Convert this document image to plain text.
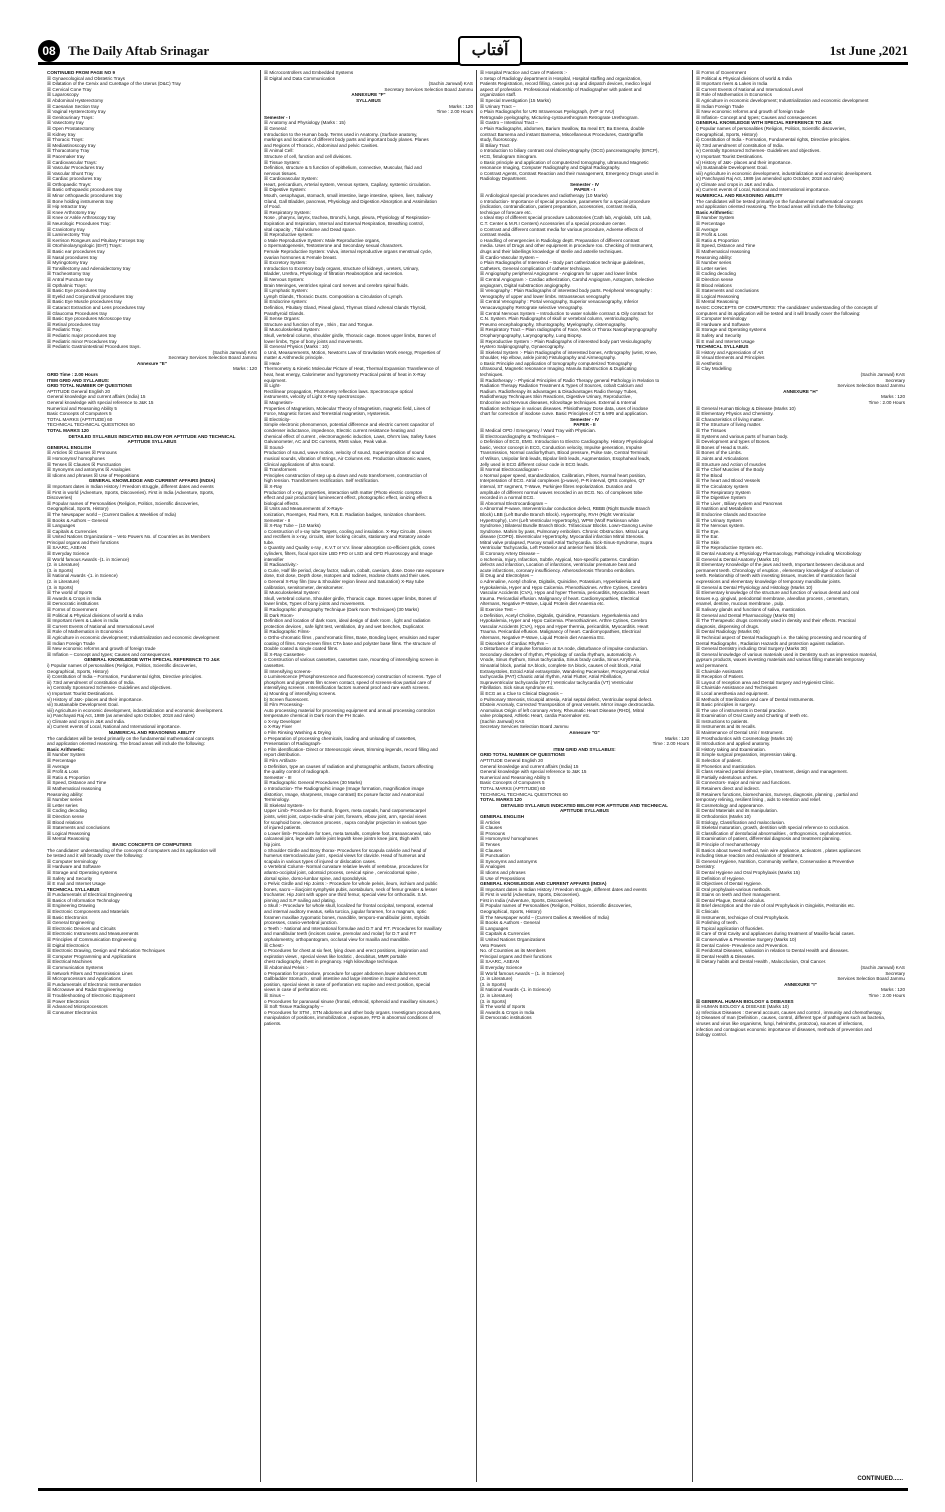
08 The Daily Aftab Srinagar	آفتاب	1st June ,2021
CONTINUED FROM PAGE NO 9
☒ Gynaecological and Obstetric Trays
☒ Dilatation of the Cervix and Curettage of the Uterus (D&C) Tray
☒ Cervical Cone Tray
☒ Laparoscopy
☒ Abdominal Hysterectomy
☒ Caesarian Section tray
☒ Vaginal Hysterectomy tray
☒ Genitourinary Trays:
☒ Vasectomy tray
☒ Open Prostatectomy
☒ Kidney tray
☒ Thoracic Trays:
☒ Mediastinoscopy tray
☒ Thoracotomy Tray
☒ Pacemaker tray
☒ Cardiovascular Trays:
☒ Vascular Procedures tray
☒ Vascular Shunt Tray
☒ Cardiac procedures tray
☒ Orthopaedic Trays:
☒ Basic orthopaedic procedures tray
☒ Minor orthopaedic procedures tray
☒ Bone holding instruments tray
☒ Hip retractor tray
☒ Knee Arthrotomy tray
☒ Knee or Ankle Arthroscopy tray
☒ Neurologic Procedures Tray:
☒ Craniotomy tray
☒ Laminectomy Tray
☒ Kerrison Rongeurs and Pituitary Forceps tray
☒ Otorhinolaryngologic (EHT) Trays:
☒ Basic ear procedures tray
☒ Nasal procedures tray
☒ Myringotomy tray
☒ Tonsillectomy and Adenoidectomy tray
☒ Tracheostomy tray
☒ Antral Puncture tray
☒ Opthalmic Trays:
☒ Basic Eye procedures tray
☒ Eyelid and Conjunctival procedures tray
☒ Basic Eye Muscle procedures tray
☒ Cataract Extraction and Lens procedures tray
☒ Glaucoma Procedures tray
☒ Basic Eye procedures Microscope tray
☒ Retinal procedures tray
☒ Pediatric Tray:
☒ Pediatric major procedures tray
☒ Pediatric minor Procedures tray
☒ Pediatric Gastrointestinal Procedures trays.
(Sachin Jamwal) KAS
Secretary Services Selection Board Jammu
Annexure "E"
Marks : 120
GRID Time : 2.00 Hours
ITEM GRID AND SYLLABUS:
GRID TOTAL NUMBER OF QUESTIONS
APTITUDE General English 20
General knowledge and current affairs (India) 15
General knowledge with special reference to J&K 15
Numerical and Reasoning Ability 5
Basic Concepts of Computers 5
TOTAL MARKS (APTITUDE) 60
TECHNICAL TECHNICAL QUESTIONS 60
TOTAL MARKS 120
DETAILED SYLLABUS INDICATED BELOW FOR APTITUDE AND TECHNICAL
APTITUDE SYLLABUS
GENERAL ENGLISH
☒ Articles ☒ Clauses ☒ Pronouns
☒ Homonyms/ homophones
☒ Tenses ☒ Clauses ☒ Punctuation
☒ Synonyms and antonyms ☒ Analogies
☒ Idioms and phrases ☒ Use of Prepositions
GENERAL KNOWLEDGE AND CURRENT AFFAIRS (INDIA)
☒ Important dates in Indian History / Freedom struggle, different dates and events
☒ First in world (Adventure, Sports, Discoveries). First in India (Adventure, Sports,
Discoveries)
☒ Popular names of Personalities (Religion, Politics, Scientific discoveries,
Geographical, Sports, History)
☒ The Newspaper world – (Current Dailies & Weeklies of India)
☒ Books & Authors – General
☒ Languages
☒ Capitals & Currencies
☒ United Nations Organizations – Veto Powers No. of Countries as its Members
Principal organs and their functions
☒ SAARC, ASEAN
☒ Everyday Science
☒ World famous Awards -(1. in Science)
(2. in Literature)
(3. in Sports)
☒ National Awards -(1. in Science)
(2. in Literature)
(3. in Sports)
☒ The world of Sports
☒ Awards & Crops in India
☒ Democratic institutions
☒ Forms of Government
☒ Political & Physical divisions of world & India
☒ Important rivers & Lakes in India
☒ Current Events of National and International Level
☒ Role of Mathematics in Economics
☒ Agriculture in economic development; Industrialization and economic development
☒ Indian Foreign Trade
☒ New economic reforms and growth of foreign trade
☒ Inflation – Concept and types; Causes and consequences
GENERAL KNOWLEDGE WITH SPECIAL REFERENCE TO J&K
i) Popular names of personalities (Religion, Politics, Scientific discoveries,
Geographical, Sports, History)
ii) Constitution of India – Formation, Fundamental rights, Directive principles.
iii) 73rd amendment of constitution of India.
iv) Centrally Sponsored Schemes- Guidelines and objectives.
v) Important Tourist Destinations.
vi) History of J&K- places and their importance.
vii) Sustainable Development Goal.
viii) Agriculture in economic development, industrialization and economic development.
ix) Panchayati Raj Act, 1989 (as amended upto October, 2018 and rules)
x) Climate and crops in J&K and India.
xi) Current events of Local, National and International importance.
NUMERICAL AND REASONING ABILITY
The candidates will be tested primarily on the fundamental mathematical concepts
and application oriented reasoning. The broad areas will include the following:
Basic Arithmetic:
☒ Number System
☒ Percentage
☒ Average
☒ Profit & Loss
☒ Ratio & Proportion
☒ Speed, Distance and Time
☒ Mathematical reasoning
Reasoning ability:
☒ Number series
☒ Letter series
☒ Coding decoding
☒ Direction sense
☒ Blood relations
☒ Statements and conclusions
☒ Logical Reasoning
☒ Mental Reasoning
BASIC CONCEPTS OF COMPUTERS
The candidates' understanding of the concepts of computers and its application will
be tested and it will broadly cover the following:
☒ Computer terminology
☒ Hardware and Software
☒ Storage and Operating systems
☒ Safety and Security
☒ E mail and Internet Usage
TECHNICAL SYLLABUS
☒ Fundamentals of Electrical Engineering
☒ Basics of Information Technology
☒ Engineering Drawing
☒ Electronic Components and Materials
☒ Basic Electronics
☒ General Engineering
☒ Electronic Devices and Circuits
☒ Electronic Instruments and Measurements
☒ Principles of Communication Engineering
☒ Digital Electronics
☒ Electronic Drawing, Design and Fabrication Techniques
☒ Computer Programming and Applications
☒ Electrical Machines
☒ Communication Systems
☒ Network Filters and Transmission Lines
☒ Microprocessors and Applications
☒ Fundamentals of Electronic Instrumentation
☒ Microwave and Radar Engineering
☒ Troubleshooting of Electronic Equipment
☒ Power Electronics
☒ Advanced Microprocessors
☒ Consumer Electronics
☒ Microcontrollers and Embedded Systems
☒ Digital and Data Communication
(Sachin Jamwal) KAS
Secretary Services Selection Board Jammu
ANNEXURE "F"
SYLLABUS
Marks : 120
Time : 2.00 Hours
Semester - I
☒ Anatomy and Physiology (Marks : 15)
☒ General:
Introduction to the Human body. Terms used in Anatomy. (Surface anatomy,
markings and locations of different body parts and important body planes. Planes
and Regions of Thoracic, Abdominal and pelvic Cavities.
☒ Animal Cell:
Structure of cell, function and cell divisions.
☒ Tissue System:
Definition, structure & 5 function of epithelium, connective, Muscular, fluid and
nervous tissues.
☒ Cardiovascular System:
Heart, pericardium, Arterial system, Venous system, Capilary, systemic circulation.
☒ Digestive System:
Mouth, oesophagus, stomach, small intestine, large intestine, spleen, liver, Salivary
Gland, Gall Bladder, pancreas, Physiology and Digestion Absorption and Assimilation
of Food.
☒ Respiratory System:
Nose , pharynx, larynx, trachea, Bronchi, lungs, pleura, Physiology of Respiration-
Expiration and Inspiration, Internal and External Respiration, Breathing control,
vital capacity , Tidal volume and Dead space.
☒ Reproductive system:
o Male Reproductive System: Male Reproductive organs,
o Spermatogenesis, Testosterone and Secondary sexual characters.
Female Reproductive System: Vulva, internal reproductive organs menstrual cycle,
ovarian hormones & Female breast.
☒ Excretory System:
Introduction to Excretory body organs, structure of kidneys , ureters, Urinary,
Bladder, Urethra, Physiology of filtration Reabsorption and secretion.
☒ Nervous System:
Brain Meninges, ventricles spinal cord nerves and cerebro spinal fluids.
☒ Lymphatic System:
Lymph Glands, Thoracic Ducts. Composition & Circulation of Lymph.
☒ Endocrine system:
Definition, Pituitary Gland, Pineal gland, Thymus Gland Adrenal Glands Thyroid,
Parathyroid Glands.
☒ Sense Organs:
Structure and function of Eye , Skin , Ear and Tongue.
☒ Musculoskeletal System:
Skull, vertebral column, shoulder girdle, Thoracic cage. Bones upper limbs, Bones of
lower limbs, Type of bony joints and movements.
☒ General Physics (Marks : 10)
o Unit, Measurements, Motion, Newton's Law of Gravitation Work energy, Properties of
matter & Arithmedic principle.
☒ Heat-
Thermometry & Kinetic Molecular Picture of Heat, Thermal Expansion Transference of
heat, heat energy, Calorimeter and hygrometry Practical points of heat in X-Ray
equipment.
☒ Light-
Rectilinear propagation, Photometry reflection laws. Spectroscope optical
instruments, velocity of Light X-Ray spectroscope.
☒ Magnetism-
Properties of Magnetism, Molecular Theory of Magnetism, magnetic field, Lines of
Force, Magnetic forces and Terrestrial magnetism, Hysteresis.
☒ Electricity-
Simple electronic phenomenon, potential difference and electric current capacitor of
condenser inductance, impedence, Electric current resistance heating and
chemical effect of current , electromagnetic induction, Laws, Ohm's law, Safety fuses
Galvanometer, AC and DC currents, RMS value, Peak value.
☒ Sound-
Production of sound, wave motion, velocity of sound, Superimposition of sound
musical sounds, vibration of strings, Air Columns etc. Production ultrasonic waves,
Clinical applications of ultra sound.
☒ Transformers
Principles construction of step up & down and Auto transformers, construction of
high tension. Transformers rectification. Self rectification.
☒ X-Ray
Production of x-ray, properties, interaction with matter (Photo electric compton
effect and pair production) luminescent effect, photographic effect, ionizing effect &
biological effects.
☒ Units and Measurements of X-Rays-
Ionization, Roentgen, Rad Rem, R.B.E. Radiation badges, Ionization chambers.
Semester - II
☒ X-Ray Tube – (10 Marks)
o Construction of x-ray tube Targets, cooling and insulation. X-Ray Circuits , timers
and rectifiers in x-ray, circuits, inter locking circuits, stationary and Rotatory anode
tube.
o Quantity and Quality x-ray , K.V.T or V.V. linear absorption co-efficient grids, cones
cylinders, filters, focal spot size LBD FFD or LSD and OFD Fluoroscopy and Image
intensifier
☒ Radioactivity:-
o Curie, Half life period, decay factor, radium, cobalt, caesium, dose. Dose rate exposure
dose, Exit dose, Depth dose, Isotopes and Iodines, Isodose charts and their uses.
o General X-Ray film (tow & Shoulder region linear and Saturation) X-Ray tube
calibration, sensitometer, densitometer.
☒ Musculoskeletal System:
Skull, vertebral column, Shoulder girdle, Thoracic cage. Bones upper limbs, Bones of
lower limbs, Types of bony joints and movements.
☒ Radiographic photography Technique (Dark room Techniques) (30 Marks)
☒ Dark Room-
Definition and location of dark room, ideal design of dark room , light and radiation
protection devices , safe light test, ventilation, dry and wet benches, Duplicator.
☒ Radiographic Films-
o Ortho-chromatic films , panchromatic films, Base, Bonding layer, emulsion and super
coating of films. Non-screen films CTA base and polyster base films. The structure of
Double coated & single coated films.
☒ X-Ray Cassettes-
o Construction of various cassettes, cassettes care, mounting of intensifying screen in
cassettes.
☒ Intensifying screens-
o Luminescence (Phosphorescence and fluorescence) construction of screens. Type of
phosphors and pigments film screen contact, speed of screens-slow partial care of
intensifying screens . Intensification factors numeral proof and rare earth screens.
a) Mounting of intensifying screens.
b) Screen fluorescent.
☒ Film Processing-
Auto processing material for processing equipment and annual processing controlon
temperature chemical in Dark room the PH Scale.
o X-ray Developer
o X-Ray Fixer
o Film Rinsing Washing & Drying
o Preparation of processing chemicals, loading and unloading of cassettes,
Presentation of Radiograph-
o Film identification- Direct or Stereoscopic views, trimming legends, record filling and
report distribution.
☒ Film Artifacts-
o Definition, type an causes of radiation and photographic artifacts, factors affecting
the quality control of radiograph.
Semester - III
☒ Radiographic General Procedures (30 Marks)
o Introduction- The Radiographic image (Image formation, magnification image
distortion, Image, sharpness, Image contrast) Ex posure factor and Anatomical
Terminology.
☒ Skeletal System-
Upper Limb- Procedure for thumb, fingers, meta carpals, hand carpometacarpel
joints, wrist joint, carpo-radio-ulnar joint, forearm, elbow joint, arm, special views
for scaphoid bone, olecranon process , supra condylar projection in various type
of injured patients.
o Lower limb- Procedure for toes, meta tarsalls, complete foot, trasoancaneal, talo
calcaneal joint, lege with ankle joint legwith knee jointm knee joint, thigh with
hip joint.
o Shoulder Girdle and Bony thorax- Procedures for scapula calvicle and head of
humerus sternoclavicular joint , special views for clavicle. Head of humerus and
scapula in various types of injured or dislocation cases.
o Vertebral Column- Normal curvature relative levels of vertebrae, procedures for
atlanto-occipital joint, odontoid process, cervical spine , cervicodorsal spine ,
dorsal spine, dorso-lumbar spine, and spondolysis.
o Pelvic Girdle and Hip Joints :- Procedure for whole pelvis, ileum, ischium and public
bones, sacro – iliacjoint symphysis pubis, acetabulum, neck of femur greater & lesser
trochanter. Hip Joint with upper one third femur, special view for orthoradis. S.M.
pinning and S.P nailing and plating.
o Skull :- Procedure for whole skull, localized for frontal occipital, temporal, external
and internal auditory meatus, sella turcica, jugular foramen, for a magnum, optic
foramen maxillae zygomatic bones, mandible, temporo-mandibular joints, styloids
processes, cranio-vertebral junction.
o Teeth :- National and International formulae and D.T and P.T. Procedures for maxillary
and mandibular teeth (incisors canine, premolar and molar) for D.T and P.T
orphalomentry, orthopantogram, occlusal view for maxilla and mandible.
☒ Chest:-
o Procedures for chest at six feet, lying down and erect positions, inspiration and
expiration views , special views like lordotic , decubitus, MMR portable
chest radiography, chest in pregnancy. High kilovoltage technique.
☒ Abdominal Pelvis :-
o Preparation for procedure, procedure for upper abdomen,lower abdomen,KUB
Gallbladder Stomach , small intestine and large intestine in Supine and erect
position, special views in case of perforation etc supine and erect position, special
views in case of perforation etc.
☒ Sinus –
o Procedures for paranasal sinuse (frontal, ethmoid, sphenoid and maxillary sinuses.)
☒ Soft Tissue Radiography –
o Procedures for STM , STN abdomen and other body organs. Investigram procedures,
manipulation of positions, immobilization , exposure, FFD in abnormal conditions of
patients.
☒ Hospital Practice and Care of Patients :-
o Setup of Radiology department in Hospital, Hospital staffing and organization,
Patients Registration, record filling, cases put up and dispatch devices, medico legal
aspect of profession. Professional relationship of Radiographer with patient and
organization staff.
☒ Special Investigation (15 Marks)
☒ Urinary Tract –
o Plain Radiographs for URI Intravenous Pyelograph, (IVP or IVU)
Retrograde pyelography, Micturing-cystourethrogram Retrograte Urethrogram.
☒ Gastro – Intestinal Tract –
o Plain Radiographs, abdomen, Barium Swallow, Ba meal ET, Ba Enema, double
contract Bamema and instant Bamema, Miscellaneous Procedures, Gastrigraffin
study, fluoroscopy.
☒ Biliary Tract
o Introduction to biliary contrast oral cholecystography (OCG) pancreatography (ERCP),
HCG, fistulogram Sinogram.
o Basic principle and application of computerized tomography, ultrasound Magnetic
resonance Imaging, Computer Radiography and Digital Radiography.
o Contrast Agents, Contrast Reaction and their management, Emergency Drugs used in
Radiology Department.
Semester - IV
PAPER - I
☒ Ardiological special procedures and radiotherapy (10 Marks)
o Introduction- Importance of special procedure, parameters for a special procedure
(indication, contraindication, patient preparation, accessories, contrast media,
technique of forecare etc.
o Ideal step of different special procedure Laboratories (Cath lab, Angiolab, U/S Lab,
C.T. Center & M.R.I Centers) Accessories of a special procedure center.
o Contrast and different contrast media for various procedure, Adverse effects of
contrast media.
o Handling of emergencies in Radiology deptt. Preparation of different contrast
media. Uses of Drugs and other equipment in procedure roo. Checking of Instrument,
drugs and their labellings knowledge of sterile and asterile techniques.
☒ Cardio-Vascular System –
o Plain Radiographs of Interested – Body part catherization technique guidelines,
Catheters, General complication of catheter technique.
☒ Angiography peripheral Angiograms - Angiogram for upper and lower limbs
☒ Central Angiogram :- Cardiac atherization, Carohd Angiogram, Aotogram, Selective
angiogram, Digital substraction angiography.
☒ Venography : Plain Radiographs of interested body parts. Peripheral Venography :
Venography of upper and lower limbs. Intraosseous venography
☒ Central Venography : Portal venography, Superior venacavography, Inferior
Venacavography Retrograte selective Venography.
☒ Central Nervous System – Introduction to water soluble contract & Oily contract for
C.N. System. Plain Radiographs of skull or vertebral column, ventriculography,
Pneumo encephalography, Shuntography, Myelography, cisternography.
☒ Respiratory Tract – Plain radiographs of Face, Neck or Thorax Nasopharyngography
Oropharyngography, Laryngography, Lung Biopsy.
☒ Reproductive System :- Plain Radiographs of interested body part Vesiculography
Hystero Salpingography, Gynaecography.
☒ Skeletal System :- Plain Radiographs of interested bones, Arthrography (wrist, Knee,
Shoulder, Hip elbow, ankle joints) Fistulography and Airmeography.
o Basic Principle and application of tomography computerized Tomography
Ultrasound, Magnetic resonance Imaging. Manula Substruction & Duplicating
techniques.
☒ Radiotherapy :- Physical Principles of Radio Therapy general Pathology in Relation to
Radiation Therapy Radiation Treatment & Types of Sources, cobalt Calcium and
Radium. Radiotherapy its advantages & Disadvantages Radio therapy Tubes,
Radiotherapy Techniques Skin Reactions, Digestive Urinary, Reproductive,
Endocrine and Nervous diseases, Kilovoltage techniques. External & Internal
Radiation technique in various diseases. Phisiotherapy Dose data, uses of isodose
chart for correction of isodose curve. Basic Principles of CT & MRI and application.
Semester - IV
PAPER - II
☒ Medical OPD / Emergency / Ward Tray with Physician.
☒ Electrocardiography & Techniques –
o Definition of ECG, EMG. Introduction to Electro Cardiography. History Physiological
basic, Vector concept in ECG, Conduction velocity, Impulse generation, Impulse
Transmission, Normal cardiorhythum, Blood pressure, Pulse rate, Central Terminal
of Wilson, Unipolar limb leads, Bipolar limb leads, Augmentation, Esophaheal leads,
Jelly used in ECG different colour code in ECG leads.
☒ Normal Electrocardiogram –
o Normal paper speed, standardization, Calibration, Filters, Normal heart position,
Interpretation of ECG. Atrial complexes (p-wave), P-R interval, QRS complex, QT
interval, ST segment, T-Wave, Purkinjee fibres repolarization. Duration and
amplitude of different normal waves recorded in an ECG. No. of complexes tobe
recorded in a normal ECG.
☒ Abnormal Electrocardiogram –
o Abnormal P-wave, Interventricular conduction defect, RBBB (Right Bundle Branch
Block) LBB (Left Bundle Branch Block). Hypertrophy, RVH (Right Ventricular
Hypertrophy), LVH (Left Ventricular Hypertrophy), WPW (Wolf Parkinson white
Syndrome.) Bilateral Bundle Branch Block. Trifascicuar Blocks. Lown-Ganong Levine
Syndrome. Mahim by pass, Pulmonary embolism. Chronic Obstruction. Mitral Lung
disease (COPD). Biventricular Hypertrophy, Myocardial infarction Mitral Stenosis.
Mitral valve prolapsed, Paroxy small Atrial Tachycardia. Sick-Sinus-Syndrome, Supra
Ventricular Tachycardia, Left Posterior and anterior hemi block.
☒ Coronary Artery Disease –
o Ischemia, Injury, Infarction, Subtle, Atypical, Non-specific patterns. Condition
defects and infarction, Location of infarctions, ventricular premature beat and
acute infarctions, coronary insufficiency. Atherosclerosis Thrombo embolism.
☒ Drug and Electrolytes –
o Adrenaline, Acetyl choline, Digitalis, Quinidine, Potassium, Hyperkalemia and
Hypokalemia, Hyper and Hypo Calcemia. Phenothiazines. Arthre Cytines, Cerebro
Vascular Accidents (CVA), Hypo and hyper Thermia, pericarditis, Myocarditis. Heart
trauma. Pericardial effusion. Malignancy of heart. Cardiomyopathies, Electrical
Alternans, Negative P-Wave, Liquid Protein diet Anaemia etc.
☒ Exercise Test –
o Definition, Acetyl Choline, Digitalis, Quinidine, Potassium. Hyperkalemia and
Hypokalemia, Hyper and Hypo Calcemia. Phenothiazines. Arthre Cytines, Cerebro
Vascular Accidents (CVA), Hypo and Hyper thermia, pericarditis, Myocarditis. Heart
Trauma. Pericardial effusion. Malignancy of heart. Cardiomyopathies, Electrical
Alternans, Negative P-Wave, Liquid Protein diet Anaemia Etc.
☒ Disorders of Cardiac Rhythm –
o Disturbance of impulse formation at SA node, disturbance of impulse conduction.
Secondary disorders of rhythm, Physiology of cardia rhythum, automaticity. A
Vnode, Sinus rhythum, Sinus tachycardia, Sinus brady cardia, Sinus Arrythmia,
Sinoatrial block, partial SA block, complete SA block, causes of exit block, Atrial
Extrasystoles, Ectoid Atrial extrasystole, Wandering Pacemaker, Proxyzysmal Atrial
tachycardia (PAT) Chaotic atrial rhythm, Atrial Flutter, Atrial Fibrillation,
Supraventricular tachycardia (SVT.) Ventricular tachycardia (VT) Ventricular
Fibrillation. Sick sinus syndrome etc.
☒ ECG as a Clue to Clinical Diagnosis –
o Pulmonary Stenosis, tricuspid atresia, Atrial septal defect, Ventricular septal defect.
Ebstein Anomaly, Corrected Transposition of great vessels. Mirror image dextrocardia.
Anomalous Origin of left coronary Artery, Rheumatic Heart Disease (RHD), Mitral
valve prolapsed, Athletic Heart, cardia Pacemaker etc.
(Sachin Jamwal) KAS
Secretary Services Selection Board Jammu
Annexure "G"
Marks : 120
Time : 2.00 Hours
ITEM GRID AND SYLLABUS:
GRID TOTAL NUMBER OF QUESTIONS
APTITUDE General English 20
General knowledge and current affairs (India) 15
General knowledge with special reference to J&K 15
Numerical and Reasoning Ability 5
Basic Concepts of Computers 5
TOTAL MARKS (APTITUDE) 60
TECHNICAL TECHNICAL QUESTIONS 60
TOTAL MARKS 120
DETAILED SYLLABUS INDICATED BELOW FOR APTITUDE AND TECHNICAL
APTITUDE SYLLABUS
GENERAL ENGLISH
☒ Articles
☒ Clauses
☒ Pronouns
☒ Homonyms/ homophones
☒ Tenses
☒ Clauses
☒ Punctuation
☒ Synonyms and antonyms
☒ Analogies
☒ Idioms and phrases
☒ Use of Prepositions
GENERAL KNOWLEDGE AND CURRENT AFFAIRS (INDIA)
☒ Important dates in Indian History / Freedom struggle, different dates and events
☒ First in world (Adventure, Sports, Discoveries).
First in India (Adventure, Sports, Discoveries)
☒ Popular names of Personalities (Religion, Politics, Scientific discoveries,
Geographical, Sports, History)
☒ The Newspaper world – (Current Dailies & Weeklies of India)
☒ Books & Authors - General
☒ Languages
☒ Capitals & Currencies
☒ United Nations Organizations
Veto Powers
No. of Countries as its Members
Principal organs and their functions
☒ SAARC, ASEAN
☒ Everyday Science
☒ World famous Awards – (1. in Science)
(2. in Literature)
(3. in Sports)
☒ National Awards -(1. in Science)
(2. in Literature)
(3. in Sports)
☒ The world of Sports
☒ Awards & Crops in India
☒ Democratic institutions
☒ Forms of Government
☒ Political & Physical divisions of world & India
☒ Important rivers & Lakes in India
☒ Current Events of National and International Level
☒ Role of Mathematics in Economics
☒ Agriculture in economic development; Industrialization and economic development
☒ Indian Foreign Trade
☒ New economic reforms and growth of foreign trade
☒ Inflation- Concept and types; Causes and consequences
GENERAL KNOWLEDGE WITH SPECIAL REFERENCE TO J&K
i) Popular names of personalities (Religion, Politics, Scientific discoveries,
Geographical, Sports, History)
ii) Constitution of India - Formation, Fundamental rights, Directive principles.
iii) 73rd amendment of constitution of India.
iv) Centrally Sponsored Schemes- Guidelines and objectives.
v) Important Tourist Destinations.
vi) History of J&K- places and their importance.
vii) Sustainable Development Goal.
viii) Agriculture in economic development, industrialization and economic development.
ix) Panchayati Raj Act, 1989 (as amended upto October, 2018 and rules)
x) Climate and crops in J&K and India.
xi) Current events of Local, National and International importance.
NUMERICAL AND REASONING ABILITY
The candidates will be tested primarily on the fundamental mathematical concepts
and application oriented reasoning. The broad areas will include the following:
Basic Arithmetic:
☒ Number System
☒ Percentage
☒ Average
☒ Profit & Loss
☒ Ratio & Proportion
☒ Speed, Distance and Time
☒ Mathematical reasoning
Reasoning ability:
☒ Number series
☒ Letter series
☒ Coding decoding
☒ Direction sense
☒ Blood relations
☒ Statements and conclusions
☒ Logical Reasoning
☒ Mental Reasoning
BASIC CONCEPTS OF COMPUTERS: The candidates' understanding of the concepts of
computers and its application will be tested and it will broadly cover the following:
☒ Computer terminology
☒ Hardware and Software
☒ Storage and Operating systems
☒ Safety and Security
☒ E mail and Internet Usage
TECHNICAL SYLLABUS
☒ History and Appreciation of Art
☒ Visual Elements and Principles
☒ Aesthetics
☒ Clay Modelling
(Sachin Jamwal) KAS
Secretary
Services Selection Board Jammu
ANNEXURE "H"
Marks : 120
Time : 2.00 Hours
☒ General Human Biology & Disease (Marks 10)
☒ Elementary Physics and Chemistry.
☒ Characteristics of living matter.
☒ The Structure of living matter.
☒ The Tissues
☒ Systems and various parts of human body.
☒ Development and types of Bones.
☒ Bones of Head & trunk.
☒ Bones of the Limbs.
☒ Joints and Articulations
☒ Structure and Action of muscles
☒ The Chief Muscles of the Body
☒ The Blood
☒ The heart and Blood Vessels
☒ The Circulatory system
☒ The Respiratory System
☒ The Digestive System
☒ The Liver , Biliary system and Pancreas
☒ Nutrition and Metabolism
☒ Endocrine Glands and Exocrine
☒ The Urinary System
☒ The Nervous system.
☒ The Eye.
☒ The Ear.
☒ The Skin
☒ The Reproductive System etc.
☒ Dental Anatomy & Physiology Pharmacology, Pathology including Microbiology
☒ General & Dental Anatomy (Marks 10)
☒ Elementary Knowledge of the jaws and teeth, Important between deciduous and
permanent teeth. Chronology of eruption , elementary knowledge of occlusion of
teeth. Relationship of teeth with investing tissues, muscles of mastication facial
expressions and elementary knowledge of temporary mandibular joints.
☒ General & Dental Physiology and Histology (Marks 10)
☒ Elementary knowledge of the structure and function of various dental and oral
tissues e.g. gingival, periodontal membrane, alveollan process , cementum,
enamel, dentine, mucous membrane , pulp.
☒ Salivary glands and functions of saliva, mastication.
☒ General and Dental Pharmacology (Marks 05)
☒ The Therapeutic drugs commonly used in density and their effects. Practical
diagnosis, dispensing of drugs.
☒ Dental Radiology (Marks 05)
☒ Technical aspect of Dental Radiograph i.e. the taking processing and mounting of
Dental Radiographs , Radiation Hazards and protection against radiation.
☒ General Dentistry including Oral Surgery (Marks 30)
☒ General knowledge of various materials used in Dentistry such as impression material,
gypsum products, waxes investing materials and various filling materials temporary
and permanent.
☒ Chairside Assistants
☒ Reception of Patient.
☒ Layout of reception area and Dental Surgery and Hygienist Clinic.
☒ Chairside Assistance and Techniques
☒ Local anesthesia and equipment.
☒ Methods of Sterilization and care of Dental Instruments.
☒ Basic principles in surgery.
☒ The use of instruments in Dental practice.
☒ Examination of Oral Cavity and Charting of teeth etc.
☒ Instructions to patients.
☒ Instruments and its recalls.
☒ Maintenance of Dental Unit / Instrument.
☒ Prosthodontics with Cosmetology (Marks 15)
☒ Introduction and applied anatomy.
☒ History taking and Examination.
☒ Simple surgical preparation, impression taking.
☒ Selection of patient.
☒ Phonetics and mastication.
☒ Class retained partial denture-plan, treatment, design and management.
☒ Partially edentulous arches.
☒ Connectors- major and minor and functions.
☒ Retainers direct and indirect.
☒ Retainers functions, biomechanics, Surveys, diagnosis, planning , partial and
temporary relining, resilient lining , aids to retention and relief.
☒ Cosmetology and appearance.
☒ Dental Materials and its manipulation.
☒ Orthodontics (Marks 10)
☒ Etiology, Classification and malocclusion.
☒ Skeletal maturation, growth, dentition with special reference to occlusion.
☒ Classification of dentofacial abnormalities , orthognomics, cephalometrics.
☒ Examination of patient, differential diagnosis and treatment planning.
☒ Principle of mechanotherapy
☒ Basics about tweed method, twin wire appliance, activators , plates appliances
including tissue reaction and evaluation of treatment.
☒ General Hygiene, Nutrition, Community welfare, Conservative & Preventive
Dentistry:
☒ Dental Hygiene and Oral Prophylaxis (Marks 15)
☒ Definition of Hygiene.
☒ Objectives of Dental Hygiene.
☒ Oral prophylaxis-various methods.
☒ Stains on teeth and their management.
☒ Dental Plague, Dental calculus.
☒ Brief description and the role of oral Prophylaxis in Gingivitis, Peritonitis etc.
☒ Clinicals
☒ Instruments, technique of Oral Prophylaxis.
☒ Polishing of teeth.
☒ Topical application of fluorides.
☒ Care of Oral Cavity and appliances during treatment of Maxillo-facial cases.
☒ Conservative & Preventive Surgery (Marks 10)
☒ Dental Caries- Prevalence and Prevention.
☒ Peridontal Diseases, salivation in relation to Dental Health and diseases.
☒ Dental Health & Diseases.
☒ Dietary habits and Dental Health , Malocclusion, Oral Cancer.
(Sachin Jamwal) KAS
Secretary
Services Selection Board Jammu
ANNEXURE "I"
Marks : 120
Time : 2.00 Hours
☒ GENERAL HUMAN BIOLOGY & DISEASES
☒ HUMAN BIOLOGY & DISEASE (Marks 10)
a) Infectious Diseases : General account, causes and control , immunity and chemotherapy.
b) Diseases of man (Definition , causes, control, different type of pathogens such as bacteria,
viruses and virus like organisms, fungi, helminths, protozoa), sources of infections,
infection and contagious economic importance of diseases, methods of prevention and
biology control.
CONTINUED......
